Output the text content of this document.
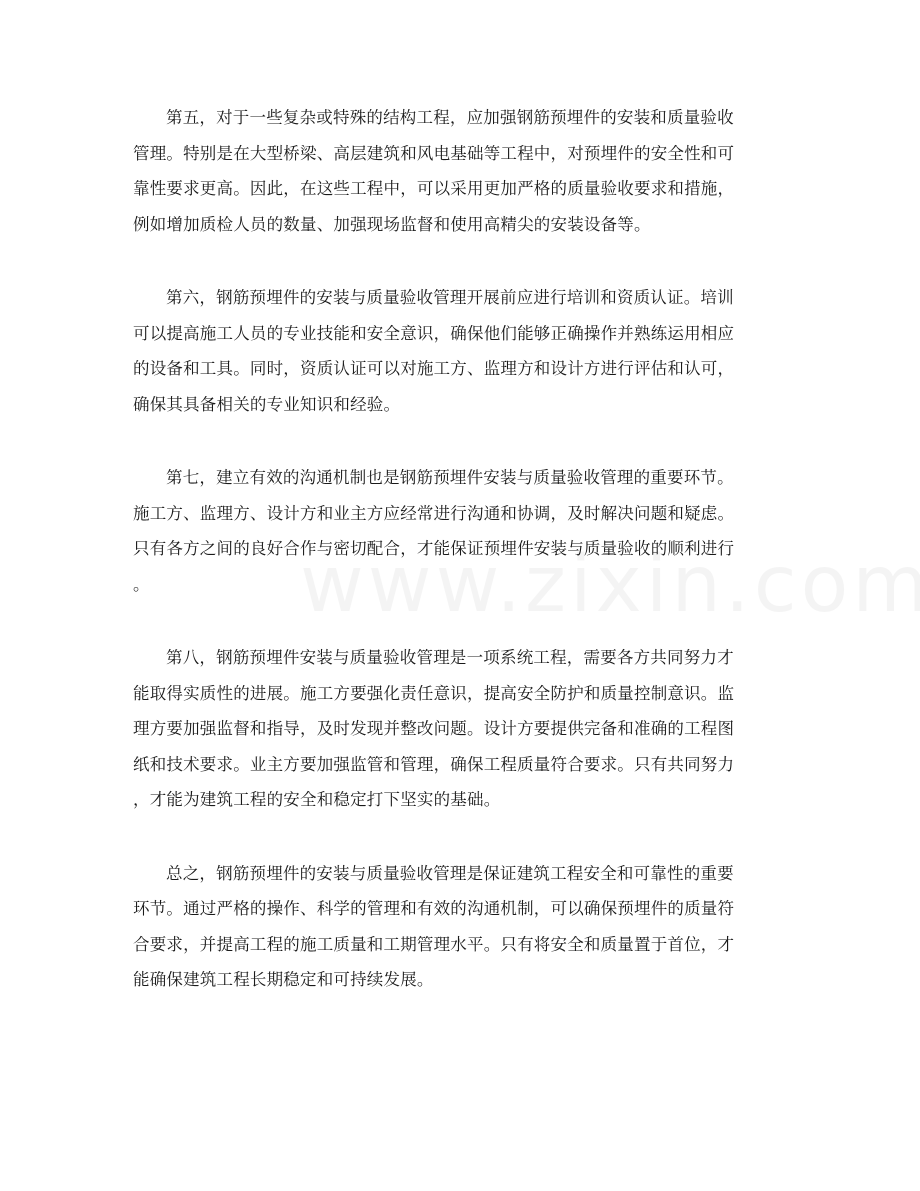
第五，对于一些复杂或特殊的结构工程，应加强钢筋预埋件的安装和质量验收
管理。特别是在大型桥梁、高层建筑和风电基础等工程中，对预埋件的安全性和可
靠性要求更高。因此，在这些工程中，可以采用更加严格的质量验收要求和措施，
例如增加质检人员的数量、加强现场监督和使用高精尖的安装设备等。

第六，钢筋预埋件的安装与质量验收管理开展前应进行培训和资质认证。培训
可以提高施工人员的专业技能和安全意识，确保他们能够正确操作并熟练运用相应
的设备和工具。同时，资质认证可以对施工方、监理方和设计方进行评估和认可，
确保其具备相关的专业知识和经验。

第七，建立有效的沟通机制也是钢筋预埋件安装与质量验收管理的重要环节。
施工方、监理方、设计方和业主方应经常进行沟通和协调，及时解决问题和疑虑。
只有各方之间的良好合作与密切配合，才能保证预埋件安装与质量验收的顺利进行
。

第八，钢筋预埋件安装与质量验收管理是一项系统工程，需要各方共同努力才
能取得实质性的进展。施工方要强化责任意识，提高安全防护和质量控制意识。监
理方要加强监督和指导，及时发现并整改问题。设计方要提供完备和准确的工程图
纸和技术要求。业主方要加强监管和管理，确保工程质量符合要求。只有共同努力
，才能为建筑工程的安全和稳定打下坚实的基础。

总之，钢筋预埋件的安装与质量验收管理是保证建筑工程安全和可靠性的重要
环节。通过严格的操作、科学的管理和有效的沟通机制，可以确保预埋件的质量符
合要求，并提高工程的施工质量和工期管理水平。只有将安全和质量置于首位，才
能确保建筑工程长期稳定和可持续发展。
